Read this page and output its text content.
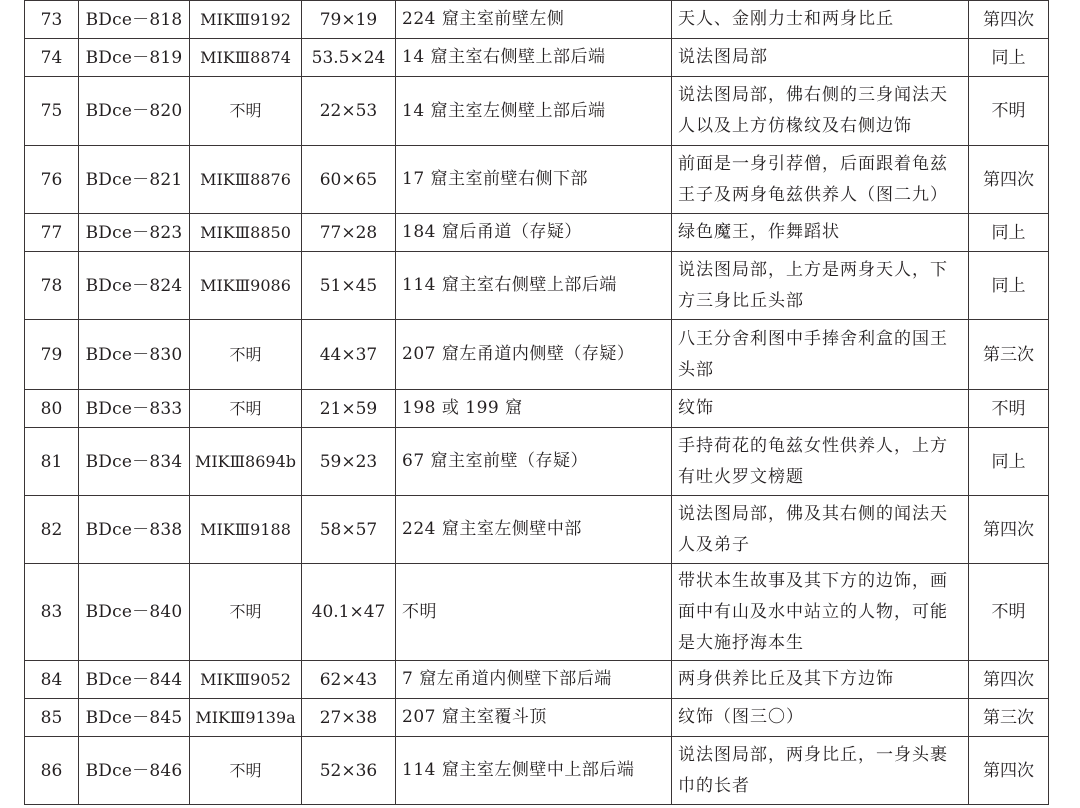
73	BDce－818	MIKⅢ9192	79×19	224 窟主室前壁左侧	天人、金刚力士和两身比丘	第四次
74	BDce－819	MIKⅢ8874	53.5×24	14 窟主室右侧壁上部后端	说法图局部	同上
75	BDce－820	不明	22×53	14 窟主室左侧壁上部后端	说法图局部，佛右侧的三身闻法天人以及上方仿椽纹及右侧边饰	不明
76	BDce－821	MIKⅢ8876	60×65	17 窟主室前壁右侧下部	前面是一身引荐僧，后面跟着龟兹王子及两身龟兹供养人（图二九）	第四次
77	BDce－823	MIKⅢ8850	77×28	184 窟后甬道（存疑）	绿色魔王，作舞蹈状	同上
78	BDce－824	MIKⅢ9086	51×45	114 窟主室右侧壁上部后端	说法图局部，上方是两身天人，下方三身比丘头部	同上
79	BDce－830	不明	44×37	207 窟左甬道内侧壁（存疑）	八王分舍利图中手捧舍利盒的国王头部	第三次
80	BDce－833	不明	21×59	198 或 199 窟	纹饰	不明
81	BDce－834	MIKⅢ8694b	59×23	67 窟主室前壁（存疑）	手持荷花的龟兹女性供养人，上方有吐火罗文榜题	同上
82	BDce－838	MIKⅢ9188	58×57	224 窟主室左侧壁中部	说法图局部，佛及其右侧的闻法天人及弟子	第四次
83	BDce－840	不明	40.1×47	不明	带状本生故事及其下方的边饰，画面中有山及水中站立的人物，可能是大施抒海本生	不明
84	BDce－844	MIKⅢ9052	62×43	7 窟左甬道内侧壁下部后端	两身供养比丘及其下方边饰	第四次
85	BDce－845	MIKⅢ9139a	27×38	207 窟主室覆斗顶	纹饰（图三〇）	第三次
86	BDce－846	不明	52×36	114 窟主室左侧壁中上部后端	说法图局部，两身比丘，一身头裹巾的长者	第四次
